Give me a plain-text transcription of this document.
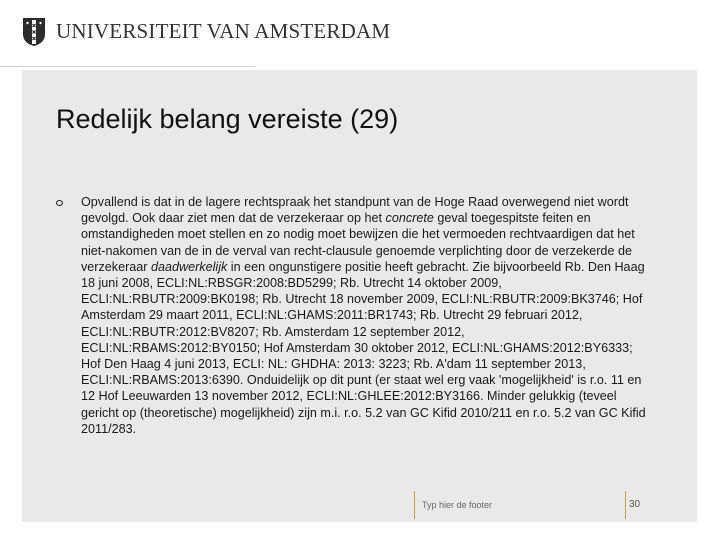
UNIVERSITEIT VAN AMSTERDAM
Redelijk belang vereiste (29)
Opvallend is dat in de lagere rechtspraak het standpunt van de Hoge Raad overwegend niet wordt gevolgd. Ook daar ziet men dat de verzekeraar op het concrete geval toegespitste feiten en omstandigheden moet stellen en zo nodig moet bewijzen die het vermoeden rechtvaardigen dat het niet-nakomen van de in de verval van recht-clausule genoemde verplichting door de verzekerde de verzekeraar daadwerkelijk in een ongunstigere positie heeft gebracht. Zie bijvoorbeeld Rb. Den Haag 18 juni 2008, ECLI:NL:RBSGR:2008:BD5299; Rb. Utrecht 14 oktober 2009, ECLI:NL:RBUTR:2009:BK0198; Rb. Utrecht 18 november 2009, ECLI:NL:RBUTR:2009:BK3746; Hof Amsterdam 29 maart 2011, ECLI:NL:GHAMS:2011:BR1743; Rb. Utrecht 29 februari 2012, ECLI:NL:RBUTR:2012:BV8207; Rb. Amsterdam 12 september 2012, ECLI:NL:RBAMS:2012:BY0150; Hof Amsterdam 30 oktober 2012, ECLI:NL:GHAMS:2012:BY6333; Hof Den Haag 4 juni 2013, ECLI: NL: GHDHA: 2013: 3223; Rb. A'dam 11 september 2013, ECLI:NL:RBAMS:2013:6390. Onduidelijk op dit punt (er staat wel erg vaak 'mogelijkheid' is r.o. 11 en 12 Hof Leeuwarden 13 november 2012, ECLI:NL:GHLEE:2012:BY3166. Minder gelukkig (teveel gericht op (theoretische) mogelijkheid) zijn m.i. r.o. 5.2 van GC Kifid 2010/211 en r.o. 5.2 van GC Kifid 2011/283.
Typ hier de footer	30
